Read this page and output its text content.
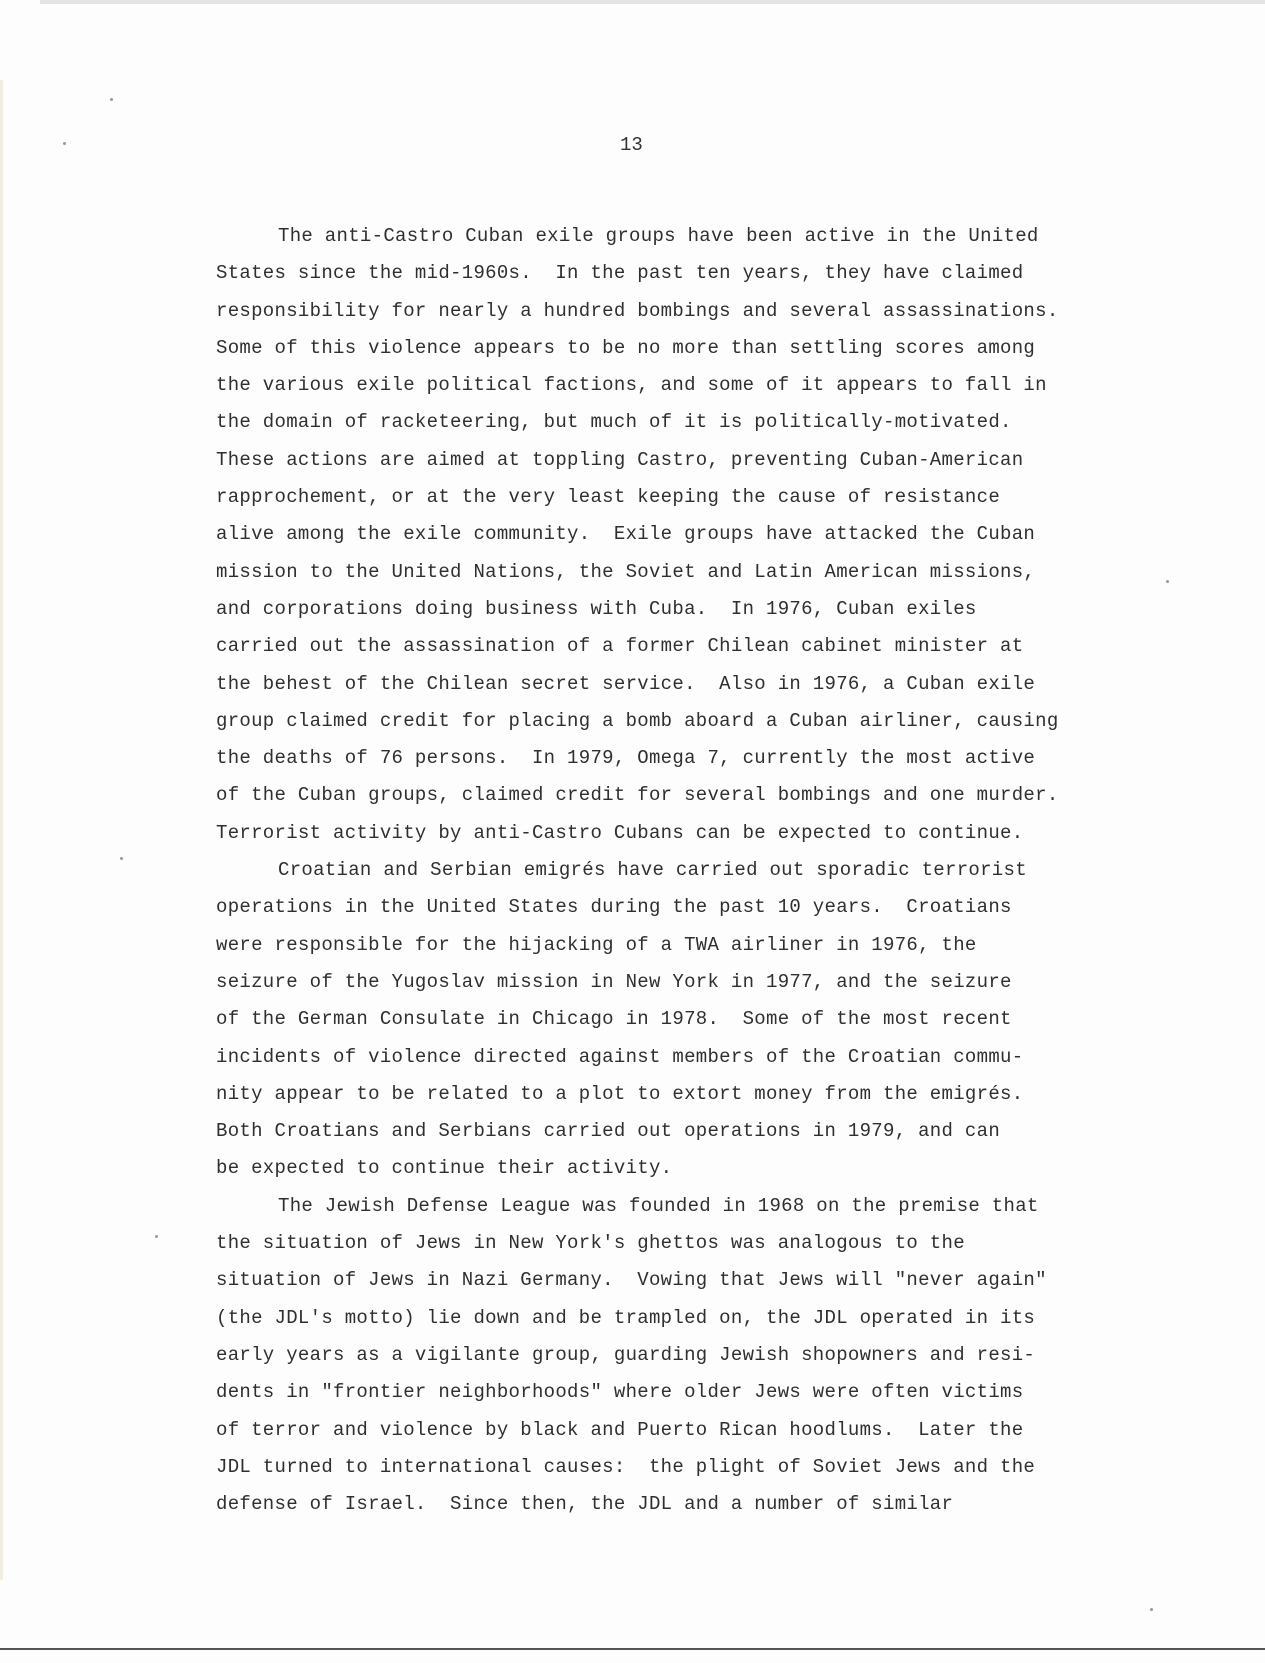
13
The anti-Castro Cuban exile groups have been active in the United
States since the mid-1960s.  In the past ten years, they have claimed
responsibility for nearly a hundred bombings and several assassinations.
Some of this violence appears to be no more than settling scores among
the various exile political factions, and some of it appears to fall in
the domain of racketeering, but much of it is politically-motivated.
These actions are aimed at toppling Castro, preventing Cuban-American
rapprochement, or at the very least keeping the cause of resistance
alive among the exile community.  Exile groups have attacked the Cuban
mission to the United Nations, the Soviet and Latin American missions,
and corporations doing business with Cuba.  In 1976, Cuban exiles
carried out the assassination of a former Chilean cabinet minister at
the behest of the Chilean secret service.  Also in 1976, a Cuban exile
group claimed credit for placing a bomb aboard a Cuban airliner, causing
the deaths of 76 persons.  In 1979, Omega 7, currently the most active
of the Cuban groups, claimed credit for several bombings and one murder.
Terrorist activity by anti-Castro Cubans can be expected to continue.
Croatian and Serbian emigrés have carried out sporadic terrorist
operations in the United States during the past 10 years.  Croatians
were responsible for the hijacking of a TWA airliner in 1976, the
seizure of the Yugoslav mission in New York in 1977, and the seizure
of the German Consulate in Chicago in 1978.  Some of the most recent
incidents of violence directed against members of the Croatian commu-
nity appear to be related to a plot to extort money from the emigrés.
Both Croatians and Serbians carried out operations in 1979, and can
be expected to continue their activity.
The Jewish Defense League was founded in 1968 on the premise that
the situation of Jews in New York's ghettos was analogous to the
situation of Jews in Nazi Germany.  Vowing that Jews will "never again"
(the JDL's motto) lie down and be trampled on, the JDL operated in its
early years as a vigilante group, guarding Jewish shopowners and resi-
dents in "frontier neighborhoods" where older Jews were often victims
of terror and violence by black and Puerto Rican hoodlums.  Later the
JDL turned to international causes:  the plight of Soviet Jews and the
defense of Israel.  Since then, the JDL and a number of similar
